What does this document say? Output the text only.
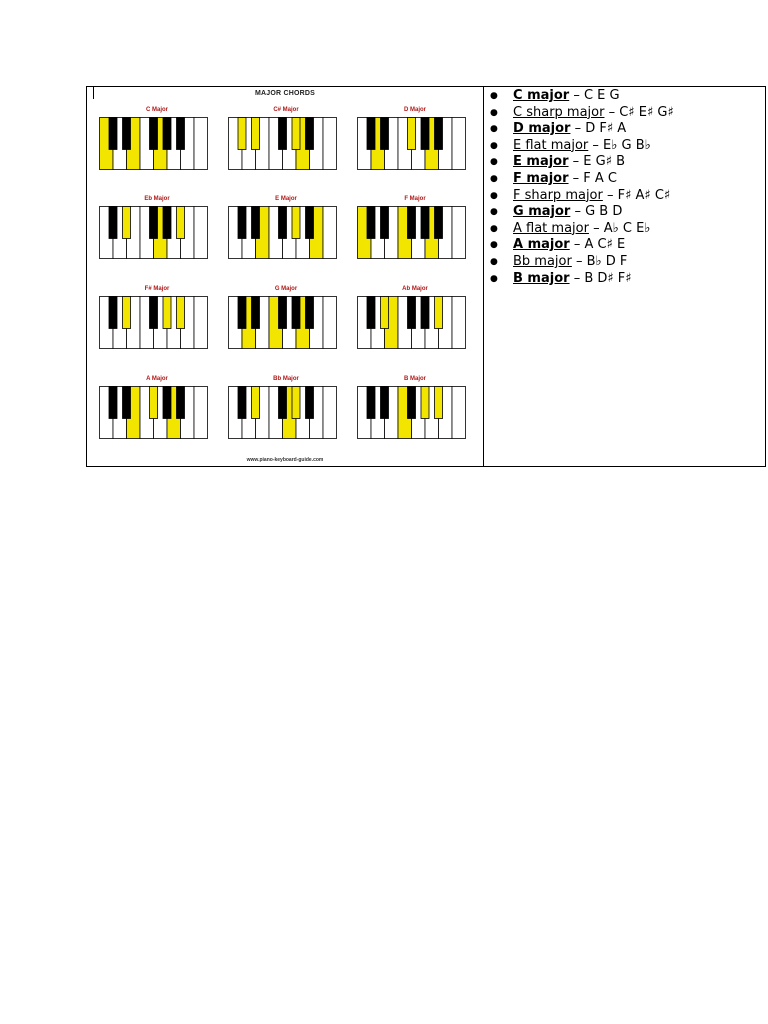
MAJOR CHORDS
C Major	C# Major	D Major
Eb Major	E Major	F Major
F# Major	G Major	Ab Major
A Major	Bb Major	B Major
www.piano-keyboard-guide.com
● C major – C E G
● C sharp major – C♯ E♯ G♯
● D major – D F♯ A
● E flat major – E♭ G B♭
● E major – E G♯ B
● F major – F A C
● F sharp major – F♯ A♯ C♯
● G major – G B D
● A flat major – A♭ C E♭
● A major – A C♯ E
● Bb major – B♭ D F
● B major – B D♯ F♯
